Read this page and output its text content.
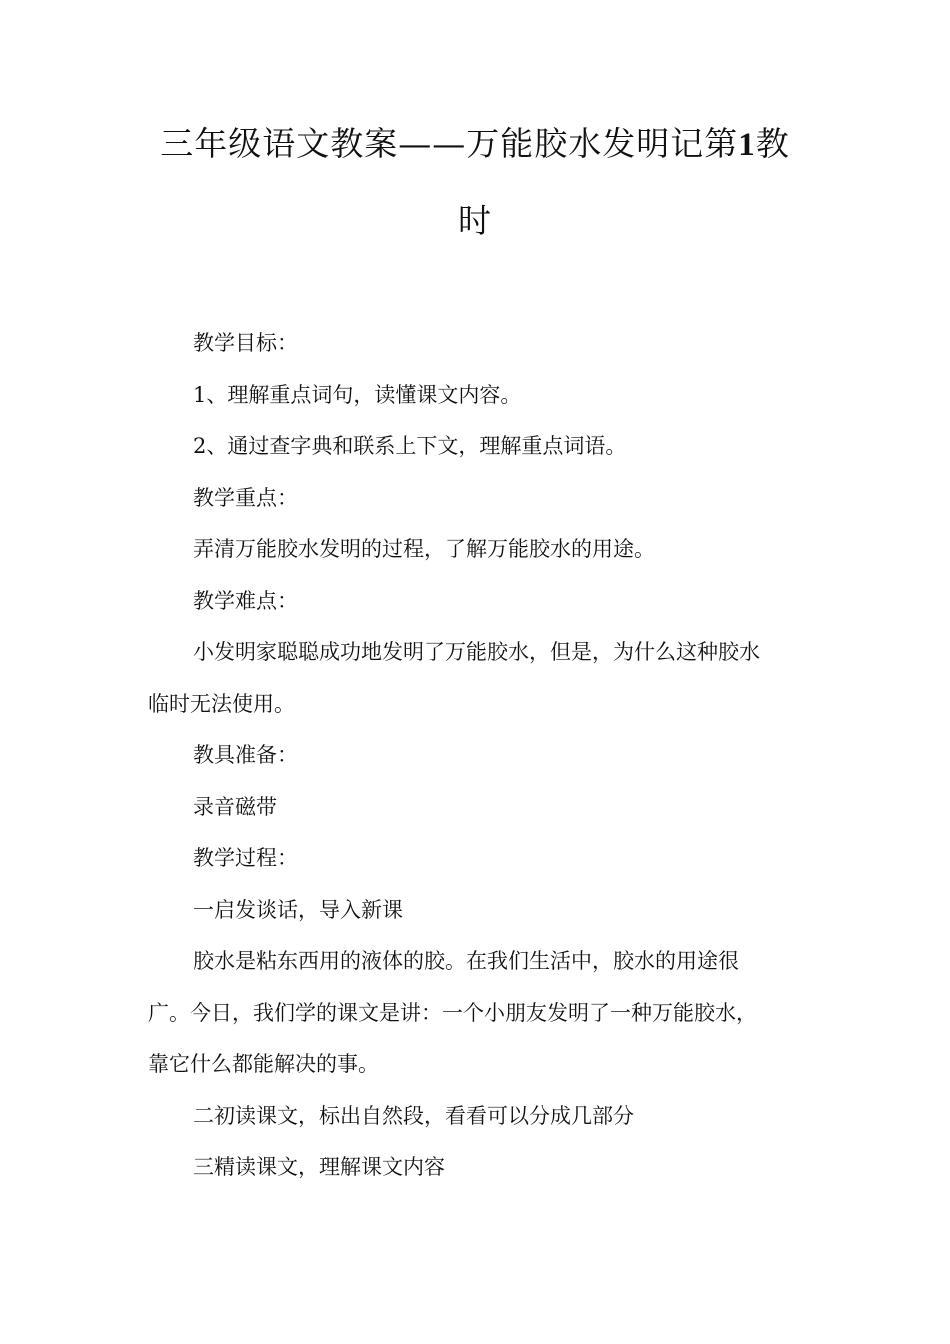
三年级语文教案——万能胶水发明记第1教
时
教学目标：
1、理解重点词句，读懂课文内容。
2、通过查字典和联系上下文，理解重点词语。
教学重点：
弄清万能胶水发明的过程，了解万能胶水的用途。
教学难点：
小发明家聪聪成功地发明了万能胶水，但是，为什么这种胶水
临时无法使用。
教具准备：
录音磁带
教学过程：
一启发谈话，导入新课
胶水是粘东西用的液体的胶。在我们生活中，胶水的用途很
广。今日，我们学的课文是讲：一个小朋友发明了一种万能胶水，
靠它什么都能解决的事。
二初读课文，标出自然段，看看可以分成几部分
三精读课文，理解课文内容
